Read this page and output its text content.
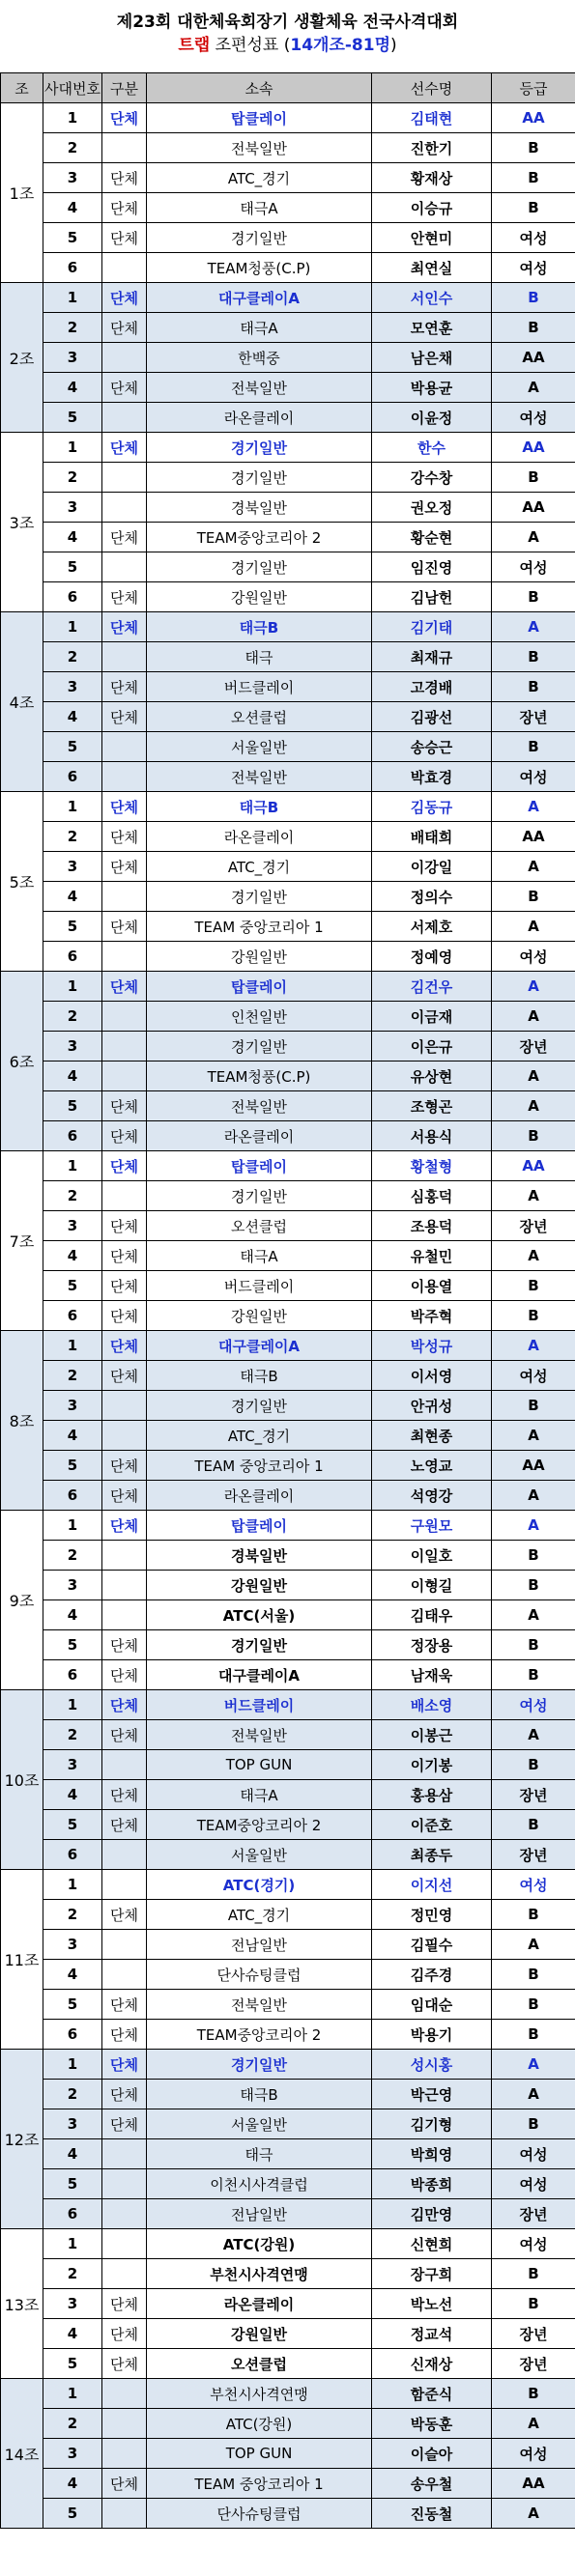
제23회 대한체육회장기 생활체육 전국사격대회
트랩 조편성표 (14개조-81명)
조	사대번호	구분	소속	선수명	등급
1조	1	단체	탑클레이	김태현	AA
	2		전북일반	진한기	B
	3	단체	ATC_경기	황재상	B
	4	단체	태극A	이승규	B
	5	단체	경기일반	안현미	여성
	6		TEAM청풍(C.P)	최연실	여성
2조	1	단체	대구클레이A	서인수	B
	2	단체	태극A	모연훈	B
	3		한백중	남은채	AA
	4	단체	전북일반	박용균	A
	5		라온클레이	이윤정	여성
3조	1	단체	경기일반	한수	AA
	2		경기일반	강수창	B
	3		경북일반	권오정	AA
	4	단체	TEAM중앙코리아 2	황순현	A
	5		경기일반	임진영	여성
	6	단체	강원일반	김남헌	B
4조	1	단체	태극B	김기태	A
	2		태극	최재규	B
	3	단체	버드클레이	고경배	B
	4	단체	오션클럽	김광선	장년
	5		서울일반	송승근	B
	6		전북일반	박효경	여성
5조	1	단체	태극B	김동규	A
	2	단체	라온클레이	배태희	AA
	3	단체	ATC_경기	이강일	A
	4		경기일반	정의수	B
	5	단체	TEAM 중앙코리아 1	서제호	A
	6		강원일반	정예영	여성
6조	1	단체	탑클레이	김건우	A
	2		인천일반	이금재	A
	3		경기일반	이은규	장년
	4		TEAM청풍(C.P)	유상현	A
	5	단체	전북일반	조형곤	A
	6	단체	라온클레이	서용식	B
7조	1	단체	탑클레이	황철형	AA
	2		경기일반	심홍덕	A
	3	단체	오션클럽	조용덕	장년
	4	단체	태극A	유철민	A
	5	단체	버드클레이	이용열	B
	6	단체	강원일반	박주혁	B
8조	1	단체	대구클레이A	박성규	A
	2	단체	태극B	이서영	여성
	3		경기일반	안귀성	B
	4		ATC_경기	최현종	A
	5	단체	TEAM 중앙코리아 1	노영교	AA
	6	단체	라온클레이	석영강	A
9조	1	단체	탑클레이	구원모	A
	2		경북일반	이일호	B
	3		강원일반	이형길	B
	4		ATC(서울)	김태우	A
	5	단체	경기일반	정장용	B
	6	단체	대구클레이A	남재욱	B
10조	1	단체	버드클레이	배소영	여성
	2	단체	전북일반	이봉근	A
	3		TOP GUN	이기봉	B
	4	단체	태극A	홍용삼	장년
	5	단체	TEAM중앙코리아 2	이준호	B
	6		서울일반	최종두	장년
11조	1		ATC(경기)	이지선	여성
	2	단체	ATC_경기	정민영	B
	3		전남일반	김필수	A
	4		단사슈팅클럽	김주경	B
	5	단체	전북일반	임대순	B
	6	단체	TEAM중앙코리아 2	박용기	B
12조	1	단체	경기일반	성시홍	A
	2	단체	태극B	박근영	A
	3	단체	서울일반	김기형	B
	4		태극	박희영	여성
	5		이천시사격클럽	박종희	여성
	6		전남일반	김만영	장년
13조	1		ATC(강원)	신현희	여성
	2		부천시사격연맹	장구희	B
	3	단체	라온클레이	박노선	B
	4	단체	강원일반	정교석	장년
	5	단체	오션클럽	신재상	장년
14조	1		부천시사격연맹	함준식	B
	2		ATC(강원)	박동훈	A
	3		TOP GUN	이슬아	여성
	4	단체	TEAM 중앙코리아 1	송우철	AA
	5		단사슈팅클럽	진동철	A
